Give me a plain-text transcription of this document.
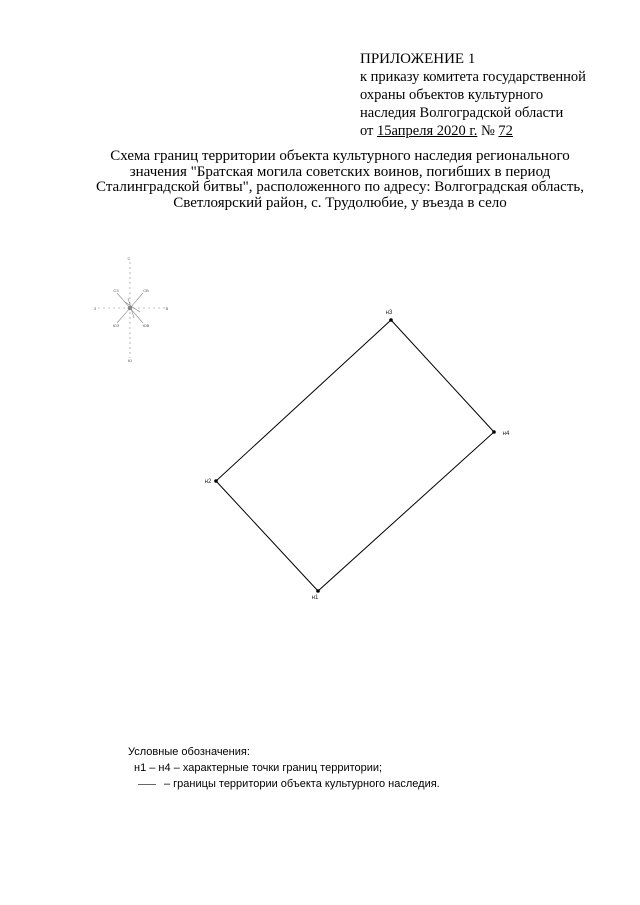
ПРИЛОЖЕНИЕ 1
к приказу комитета государственной
охраны объектов культурного
наследия Волгоградской области
от 15апреля 2020 г. № 72
Схема границ территории объекта культурного наследия регионального
значения "Братская могила советских воинов, погибших в период
Сталинградской битвы", расположенного по адресу: Волгоградская область,
Светлоярский район, с. Трудолюбие, у въезда в село
С
Ю
З	В
СЗ	СВ
ЮЗ	ЮВ
н1
н2
н3
н4
Условные обозначения:
н1 – н4 – характерные точки границ территории;
– границы территории объекта культурного наследия.
